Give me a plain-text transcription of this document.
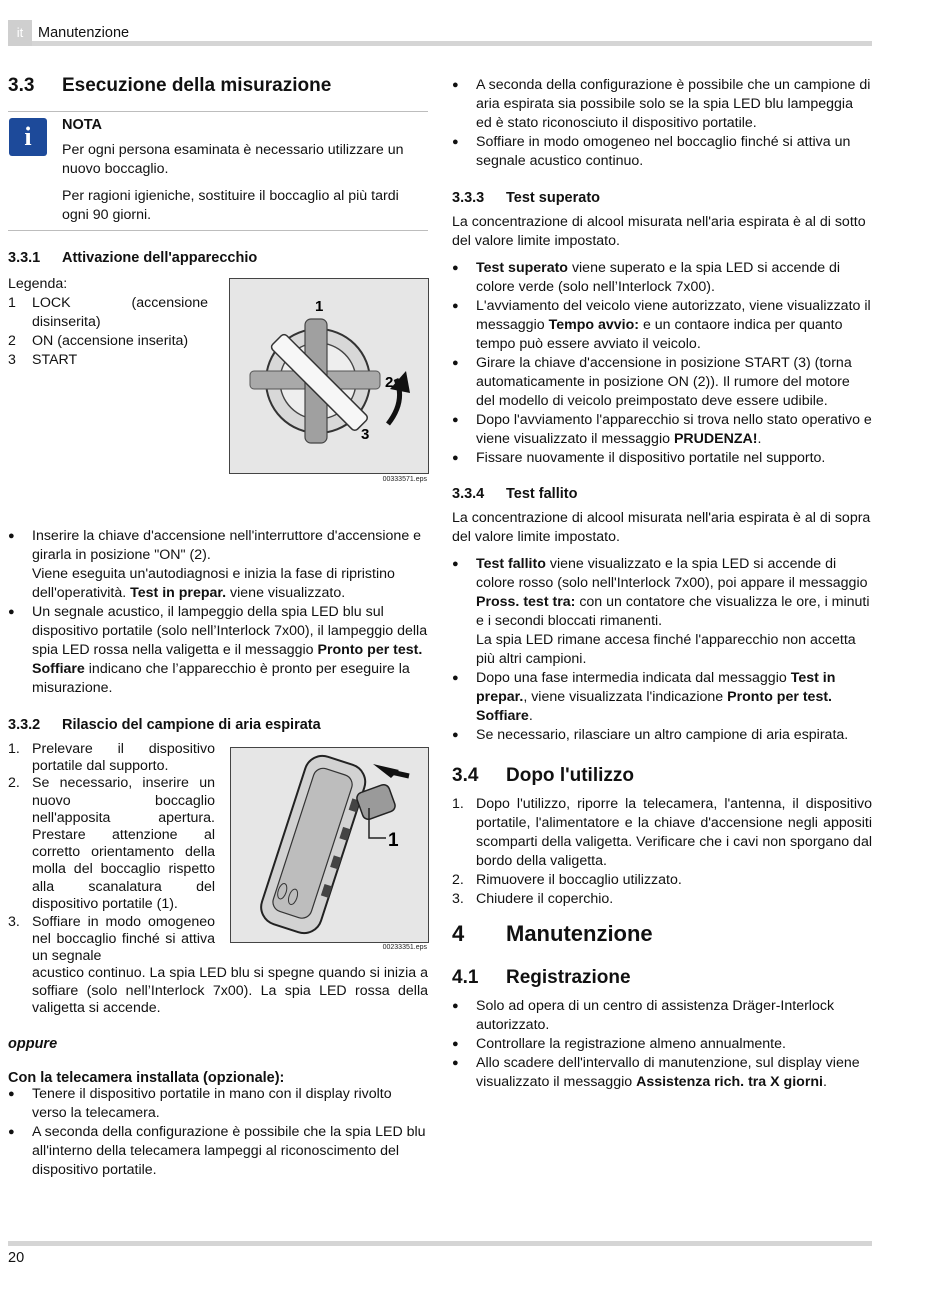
it	Manutenzione
3.3 Esecuzione della misurazione
i	NOTA

Per ogni persona esaminata è necessario utilizzare un nuovo boccaglio.

Per ragioni igieniche, sostituire il boccaglio al più tardi ogni 90 giorni.

3.3.1 Attivazione dell'apparecchio

Legenda:

1 LOCK (accensione disinserita)
2 ON (accensione inserita)
3 START
1
2
3
00333571.eps
● Inserire la chiave d'accensione nell'interruttore d'accensione e girarla in posizione "ON" (2).
Viene eseguita un'autodiagnosi e inizia la fase di ripristino dell'operatività. Test in prepar. viene visualizzato.
● Un segnale acustico, il lampeggio della spia LED blu sul dispositivo portatile (solo nell’Interlock 7x00), il lampeggio della spia LED rossa nella valigetta e il messaggio Pronto per test. Soffiare indicano che l’apparecchio è pronto per eseguire la misurazione.
3.3.2 Rilascio del campione di aria espirata
1. Prelevare il dispositivo portatile dal supporto.
2. Se necessario, inserire un nuovo boccaglio nell'apposita apertura. Prestare attenzione al corretto orientamento della molla del boccaglio rispetto alla scanalatura del dispositivo portatile (1).
3. Soffiare in modo omogeneo nel boccaglio finché si attiva un segnale
acustico continuo. La spia LED blu si spegne quando si inizia a soffiare (solo nell’Interlock 7x00). La spia LED rossa della valigetta si accende.
1
00233351.eps
oppure
Con la telecamera installata (opzionale):
● Tenere il dispositivo portatile in mano con il display rivolto verso la telecamera.
● A seconda della configurazione è possibile che la spia LED blu all'interno della telecamera lampeggi al riconoscimento del dispositivo portatile.
● A seconda della configurazione è possibile che un campione di aria espirata sia possibile solo se la spia LED blu lampeggia ed è stato riconosciuto il dispositivo portatile.
● Soffiare in modo omogeneo nel boccaglio finché si attiva un segnale acustico continuo.
3.3.3 Test superato
La concentrazione di alcool misurata nell'aria espirata è al di sotto del valore limite impostato.
● Test superato viene superato e la spia LED si accende di colore verde (solo nell’Interlock 7x00).
● L'avviamento del veicolo viene autorizzato, viene visualizzato il messaggio Tempo avvio: e un contaore indica per quanto tempo può essere avviato il veicolo.
● Girare la chiave d'accensione in posizione START (3) (torna automaticamente in posizione ON (2)). Il rumore del motore del modello di veicolo preimpostato deve essere udibile.
● Dopo l'avviamento l'apparecchio si trova nello stato operativo e viene visualizzato il messaggio PRUDENZA!.
● Fissare nuovamente il dispositivo portatile nel supporto.
3.3.4 Test fallito
La concentrazione di alcool misurata nell'aria espirata è al di sopra del valore limite impostato.
● Test fallito viene visualizzato e la spia LED si accende di colore rosso (solo nell'Interlock 7x00), poi appare il messaggio Pross. test tra: con un contatore che visualizza le ore, i minuti e i secondi bloccati rimanenti.
La spia LED rimane accesa finché l'apparecchio non accetta più altri campioni.
● Dopo una fase intermedia indicata dal messaggio Test in prepar., viene visualizzata l'indicazione Pronto per test. Soffiare.
● Se necessario, rilasciare un altro campione di aria espirata.
3.4 Dopo l'utilizzo
1. Dopo l'utilizzo, riporre la telecamera, l'antenna, il dispositivo portatile, l'alimentatore e la chiave d'accensione negli appositi scomparti della valigetta. Verificare che i cavi non sporgano dal bordo della valigetta.
2. Rimuovere il boccaglio utilizzato.
3. Chiudere il coperchio.
4 Manutenzione
4.1 Registrazione
● Solo ad opera di un centro di assistenza Dräger-Interlock autorizzato.
● Controllare la registrazione almeno annualmente.
● Allo scadere dell'intervallo di manutenzione, sul display viene visualizzato il messaggio Assistenza rich. tra X giorni.
20
